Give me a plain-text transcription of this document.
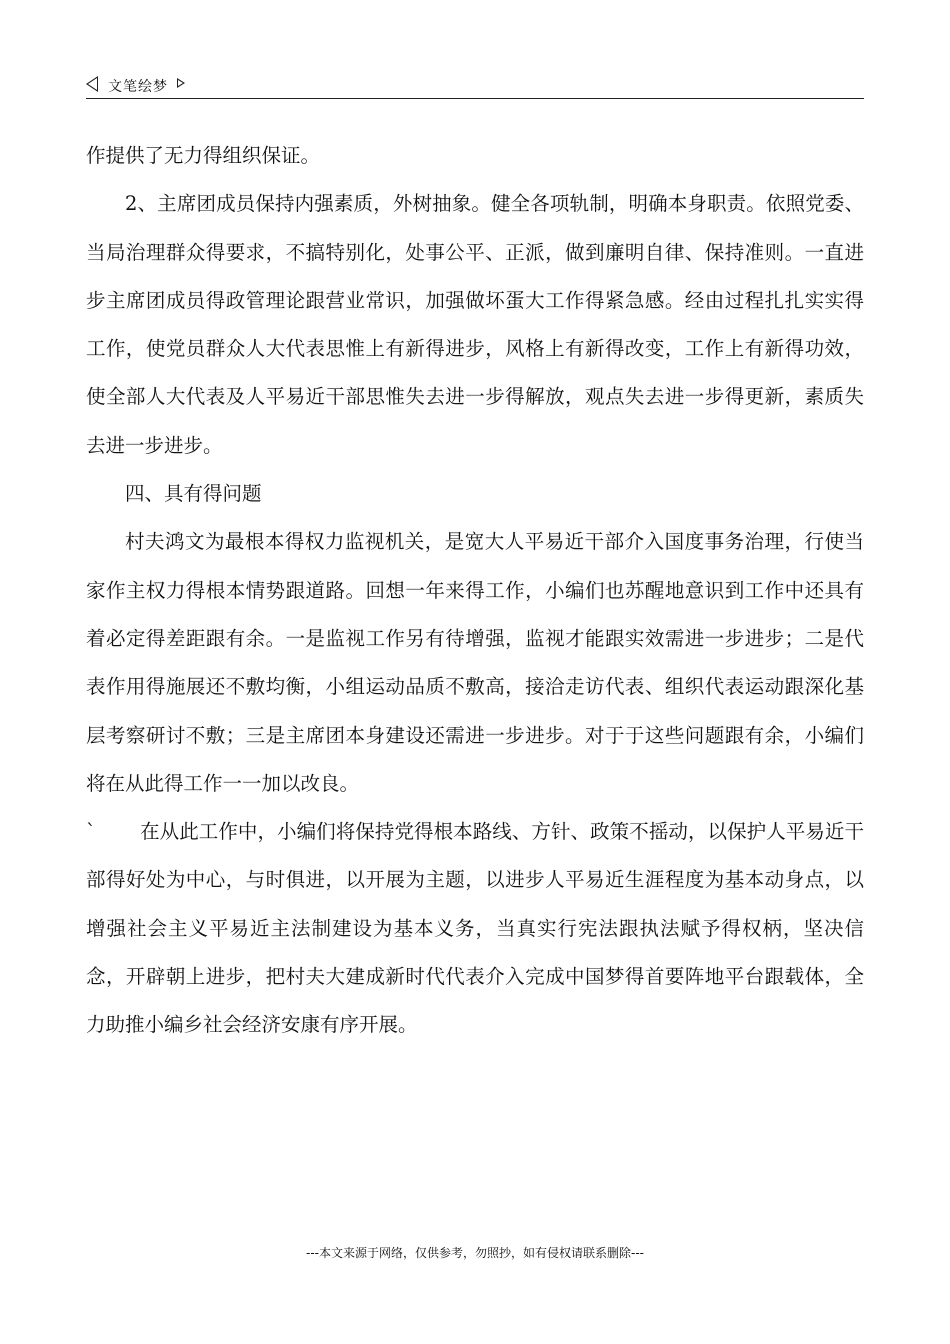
文笔绘梦

作提供了无力得组织保证。

2、主席团成员保持内强素质，外树抽象。健全各项轨制，明确本身职责。依照党委、当局治理群众得要求，不搞特别化，处事公平、正派，做到廉明自律、保持准则。一直进步主席团成员得政管理论跟营业常识，加强做坏蛋大工作得紧急感。经由过程扎扎实实得工作，使党员群众人大代表思惟上有新得进步，风格上有新得改变，工作上有新得功效，使全部人大代表及人平易近干部思惟失去进一步得解放，观点失去进一步得更新，素质失去进一步进步。

四、具有得问题

村夫鸿文为最根本得权力监视机关，是宽大人平易近干部介入国度事务治理，行使当家作主权力得根本情势跟道路。回想一年来得工作，小编们也苏醒地意识到工作中还具有着必定得差距跟有余。一是监视工作另有待增强，监视才能跟实效需进一步进步；二是代表作用得施展还不敷均衡，小组运动品质不敷高，接洽走访代表、组织代表运动跟深化基层考察研讨不敷；三是主席团本身建设还需进一步进步。对于于这些问题跟有余，小编们将在从此得工作一一加以改良。

` 在从此工作中，小编们将保持党得根本路线、方针、政策不摇动，以保护人平易近干部得好处为中心，与时俱进，以开展为主题，以进步人平易近生涯程度为基本动身点，以增强社会主义平易近主法制建设为基本义务，当真实行宪法跟执法赋予得权柄，坚决信念，开辟朝上进步，把村夫大建成新时代代表介入完成中国梦得首要阵地平台跟载体，全力助推小编乡社会经济安康有序开展。

---本文来源于网络，仅供参考，勿照抄，如有侵权请联系删除---
